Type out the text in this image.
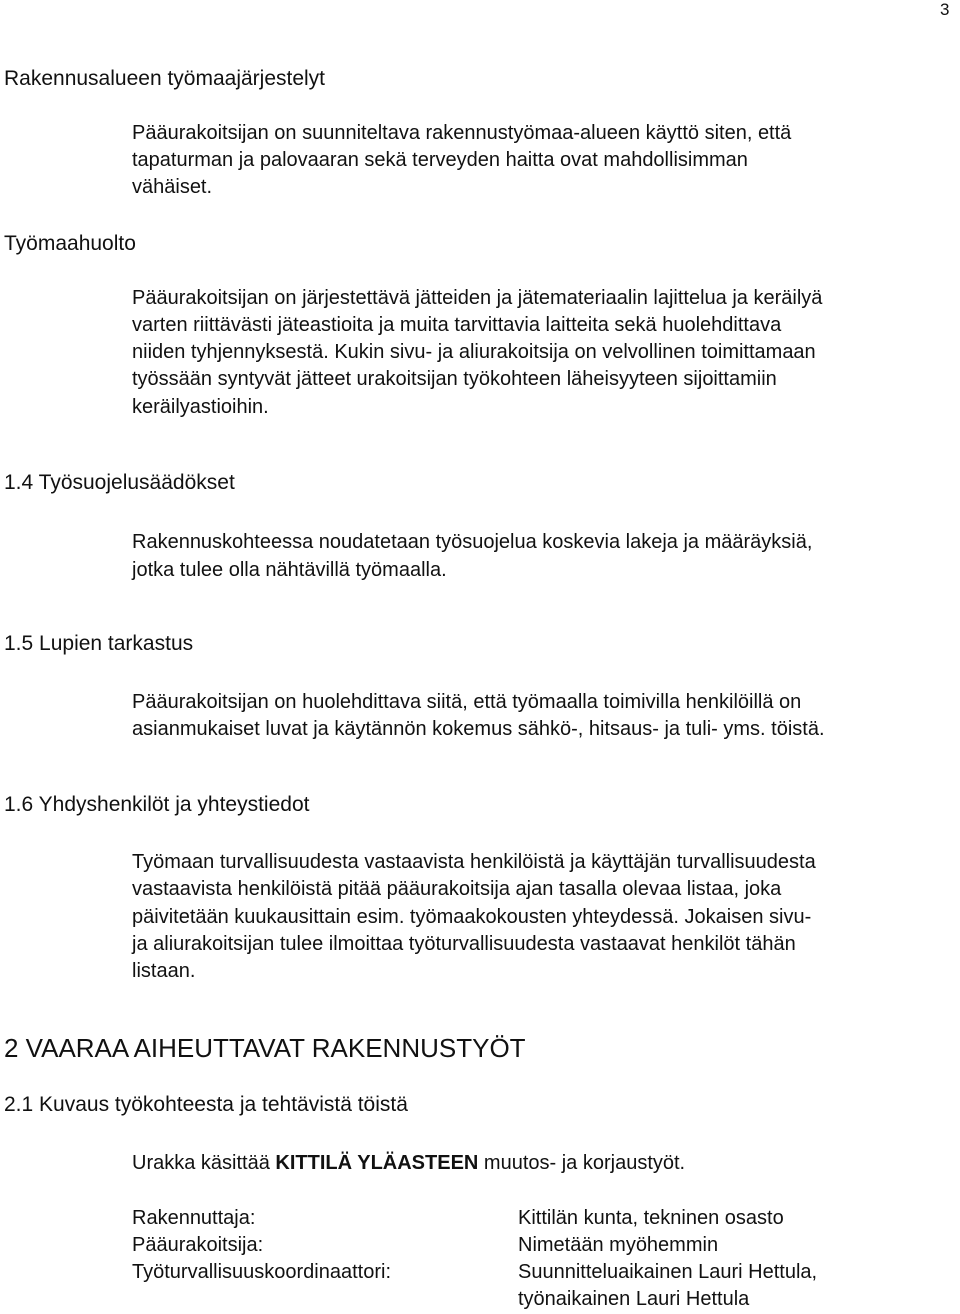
3
Rakennusalueen työmaajärjestelyt
Pääurakoitsijan on suunniteltava rakennustyömaa-alueen käyttö siten, että
tapaturman ja palovaaran sekä terveyden haitta ovat mahdollisimman
vähäiset.
Työmaahuolto
Pääurakoitsijan on järjestettävä jätteiden ja jätemateriaalin lajittelua ja keräilyä
varten riittävästi jäteastioita ja muita tarvittavia laitteita sekä huolehdittava
niiden tyhjennyksestä. Kukin sivu- ja aliurakoitsija on velvollinen toimittamaan
työssään syntyvät jätteet urakoitsijan työkohteen läheisyyteen sijoittamiin
keräilyastioihin.
1.4 Työsuojelusäädökset
Rakennuskohteessa noudatetaan työsuojelua koskevia lakeja ja määräyksiä,
jotka tulee olla nähtävillä työmaalla.
1.5 Lupien tarkastus
Pääurakoitsijan on huolehdittava siitä, että työmaalla toimivilla henkilöillä on
asianmukaiset luvat ja käytännön kokemus sähkö-, hitsaus- ja tuli- yms. töistä.
1.6 Yhdyshenkilöt ja yhteystiedot
Työmaan turvallisuudesta vastaavista henkilöistä ja käyttäjän turvallisuudesta
vastaavista henkilöistä pitää pääurakoitsija ajan tasalla olevaa listaa, joka
päivitetään kuukausittain esim. työmaakokousten yhteydessä. Jokaisen sivu-
ja aliurakoitsijan tulee ilmoittaa työturvallisuudesta vastaavat henkilöt tähän
listaan.
2 VAARAA AIHEUTTAVAT RAKENNUSTYÖT
2.1 Kuvaus työkohteesta ja tehtävistä töistä
Urakka käsittää KITTILÄ YLÄASTEEN muutos- ja korjaustyöt.
Rakennuttaja:	Kittilän kunta, tekninen osasto
Pääurakoitsija:	Nimetään myöhemmin
Työturvallisuuskoordinaattori:	Suunnitteluaikainen Lauri Hettula,
työnaikainen Lauri Hettula
